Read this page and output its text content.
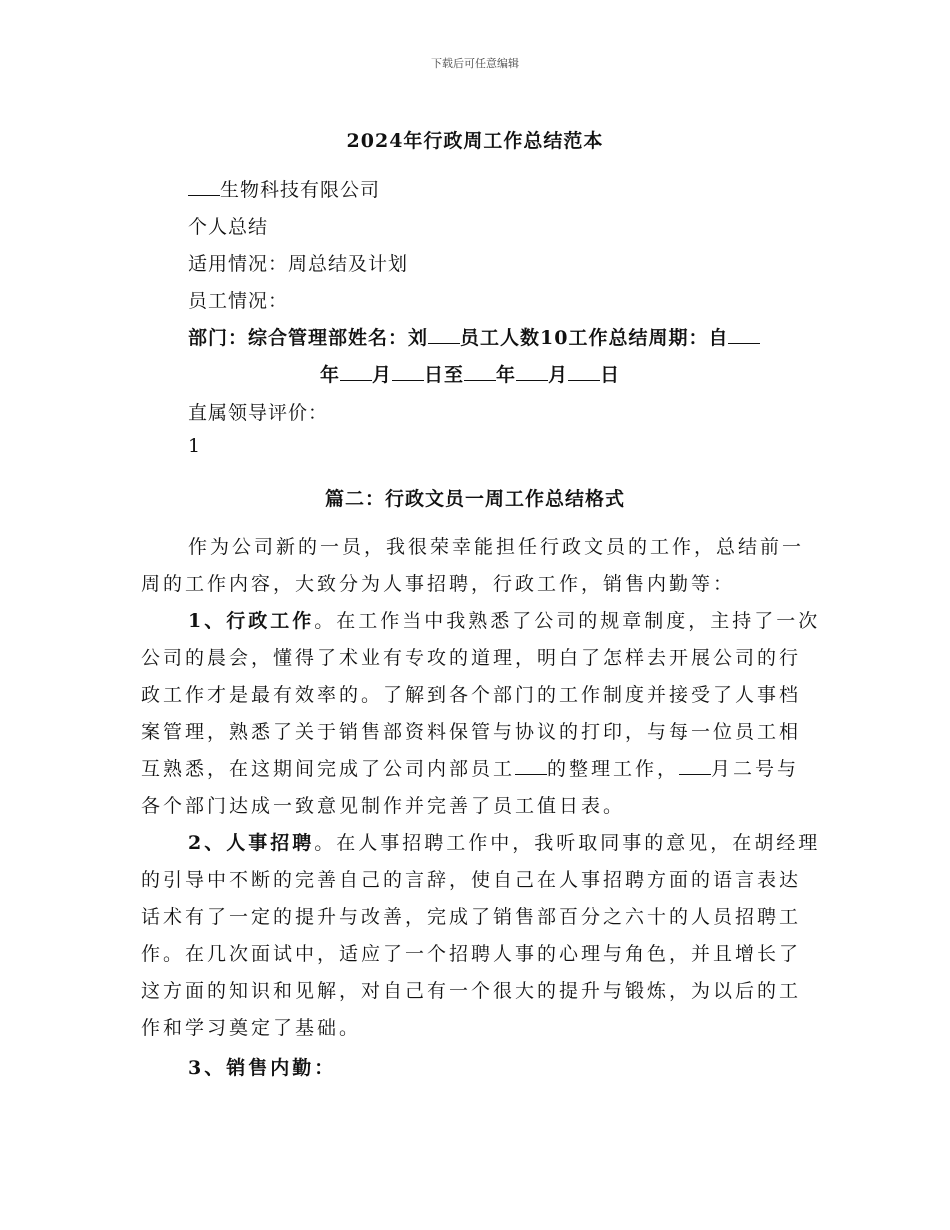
下载后可任意编辑
2024年行政周工作总结范本
生物科技有限公司
个人总结
适用情况：周总结及计划
员工情况：
部门：综合管理部姓名：刘 员工人数10工作总结周期：自
年 月 日至 年 月 日
直属领导评价：
1
篇二：行政文员一周工作总结格式
作为公司新的一员，我很荣幸能担任行政文员的工作，总结前一
周的工作内容，大致分为人事招聘，行政工作，销售内勤等：
1、行政工作。在工作当中我熟悉了公司的规章制度，主持了一次
公司的晨会，懂得了术业有专攻的道理，明白了怎样去开展公司的行
政工作才是最有效率的。了解到各个部门的工作制度并接受了人事档
案管理，熟悉了关于销售部资料保管与协议的打印，与每一位员工相
互熟悉，在这期间完成了公司内部员工 的整理工作， 月二号与
各个部门达成一致意见制作并完善了员工值日表。
2、人事招聘。在人事招聘工作中，我听取同事的意见，在胡经理
的引导中不断的完善自己的言辞，使自己在人事招聘方面的语言表达
话术有了一定的提升与改善，完成了销售部百分之六十的人员招聘工
作。在几次面试中，适应了一个招聘人事的心理与角色，并且增长了
这方面的知识和见解，对自己有一个很大的提升与锻炼，为以后的工
作和学习奠定了基础。
3、销售内勤：
